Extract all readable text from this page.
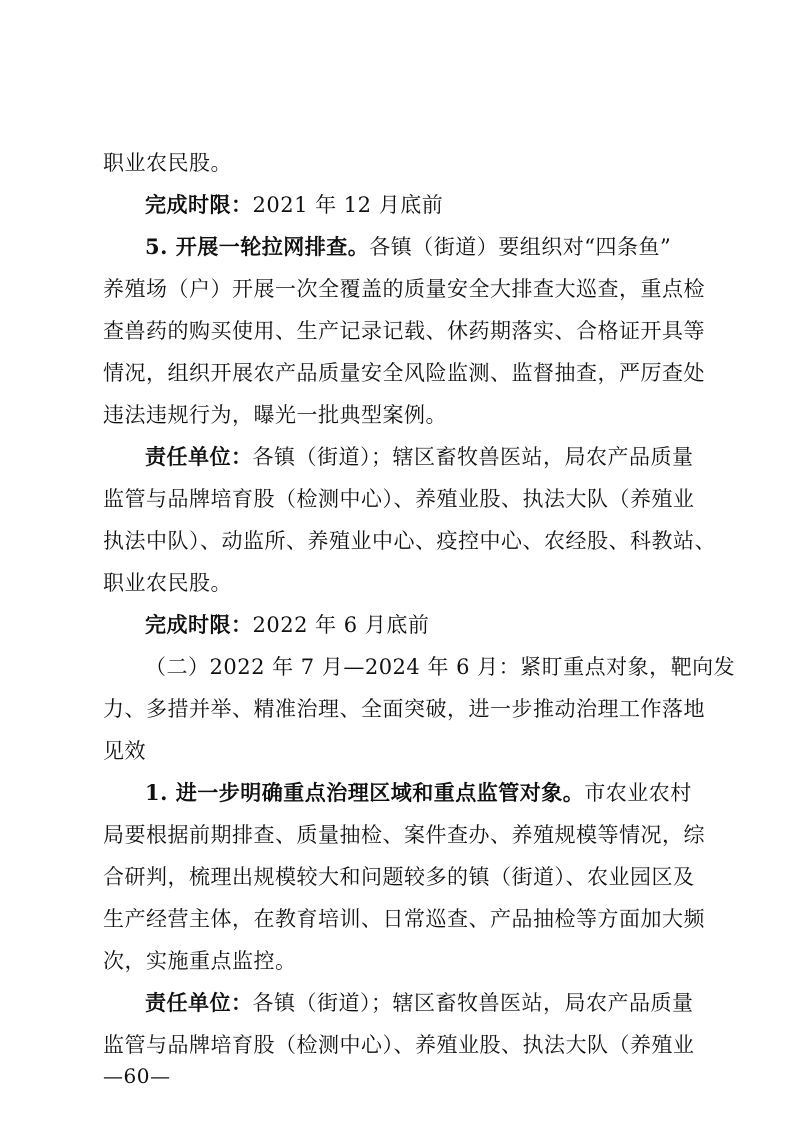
职业农民股。
完成时限：2021 年 12 月底前
5. 开展一轮拉网排查。各镇（街道）要组织对“四条鱼”
养殖场（户）开展一次全覆盖的质量安全大排查大巡查，重点检
查兽药的购买使用、生产记录记载、休药期落实、合格证开具等
情况，组织开展农产品质量安全风险监测、监督抽查，严厉查处
违法违规行为，曝光一批典型案例。
责任单位：各镇（街道）；辖区畜牧兽医站，局农产品质量
监管与品牌培育股（检测中心）、养殖业股、执法大队（养殖业
执法中队）、动监所、养殖业中心、疫控中心、农经股、科教站、
职业农民股。
完成时限：2022 年 6 月底前
（二）2022 年 7 月—2024 年 6 月：紧盯重点对象，靶向发
力、多措并举、精准治理、全面突破，进一步推动治理工作落地
见效
1. 进一步明确重点治理区域和重点监管对象。市农业农村
局要根据前期排查、质量抽检、案件查办、养殖规模等情况，综
合研判，梳理出规模较大和问题较多的镇（街道）、农业园区及
生产经营主体，在教育培训、日常巡查、产品抽检等方面加大频
次，实施重点监控。
责任单位：各镇（街道）；辖区畜牧兽医站，局农产品质量
监管与品牌培育股（检测中心）、养殖业股、执法大队（养殖业
—60—
